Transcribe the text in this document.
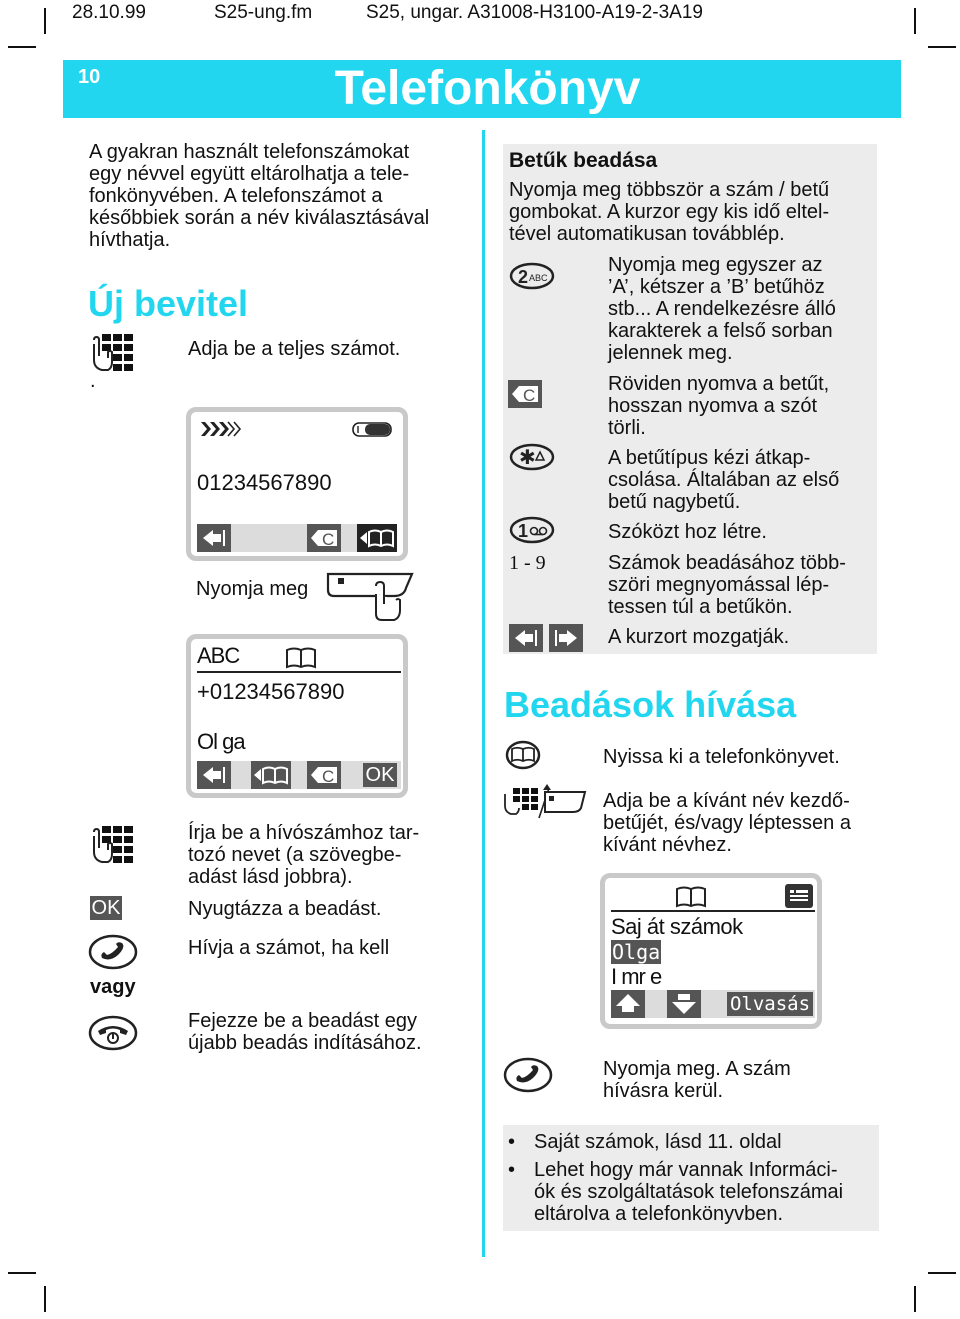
28.10.99	S25-ung.fm	S25, ungar. A31008-H3100-A19-2-3A19
10	Telefonkönyv
A gyakran használt telefonszámokat
egy névvel együtt eltárolhatja a tele-
fonkönyvében. A telefonszámot a
későbbiek során a név kiválasztásával
hívthatja.
Új bevitel
Adja be a teljes számot.
.
01234567890
C
Nyomja meg
ABC
+01234567890
Ol ga
C OK
Írja be a hívószámhoz tar-
tozó nevet (a szövegbe-
adást lásd jobbra).
OK	Nyugtázza a beadást.
Hívja a számot, ha kell
vagy
Fejezze be a beadást egy
újabb beadás indításához.
Betűk beadása
Nyomja meg többször a szám / betű
gombokat. A kurzor egy kis idő eltel-
tével automatikusan továbblép.
2 ABC
Nyomja meg egyszer az
’A’, kétszer a ’B’ betűhöz
stb... A rendelkezésre álló
karakterek a felső sorban
jelennek meg.
C
Röviden nyomva a betűt,
hosszan nyomva a szót
törli.
✱	A betűtípus kézi átkap-
csolása. Általában az első
betű nagybetű.
1	Szóközt hoz létre.
1 - 9	Számok beadásához több-
szöri megnyomással lép-
tessen túl a betűkön.
A kurzort mozgatják.
Beadások hívása
Nyissa ki a telefonkönyvet.
Adja be a kívánt név kezdő-
betűjét, és/vagy léptessen a
kívánt névhez.
Saj át számok
Olga
I mr e
Olvasás
Nyomja meg. A szám
hívásra kerül.
• Saját számok, lásd 11. oldal
• Lehet hogy már vannak Informáci-
ók és szolgáltatások telefonszámai
eltárolva a telefonkönyvben.
